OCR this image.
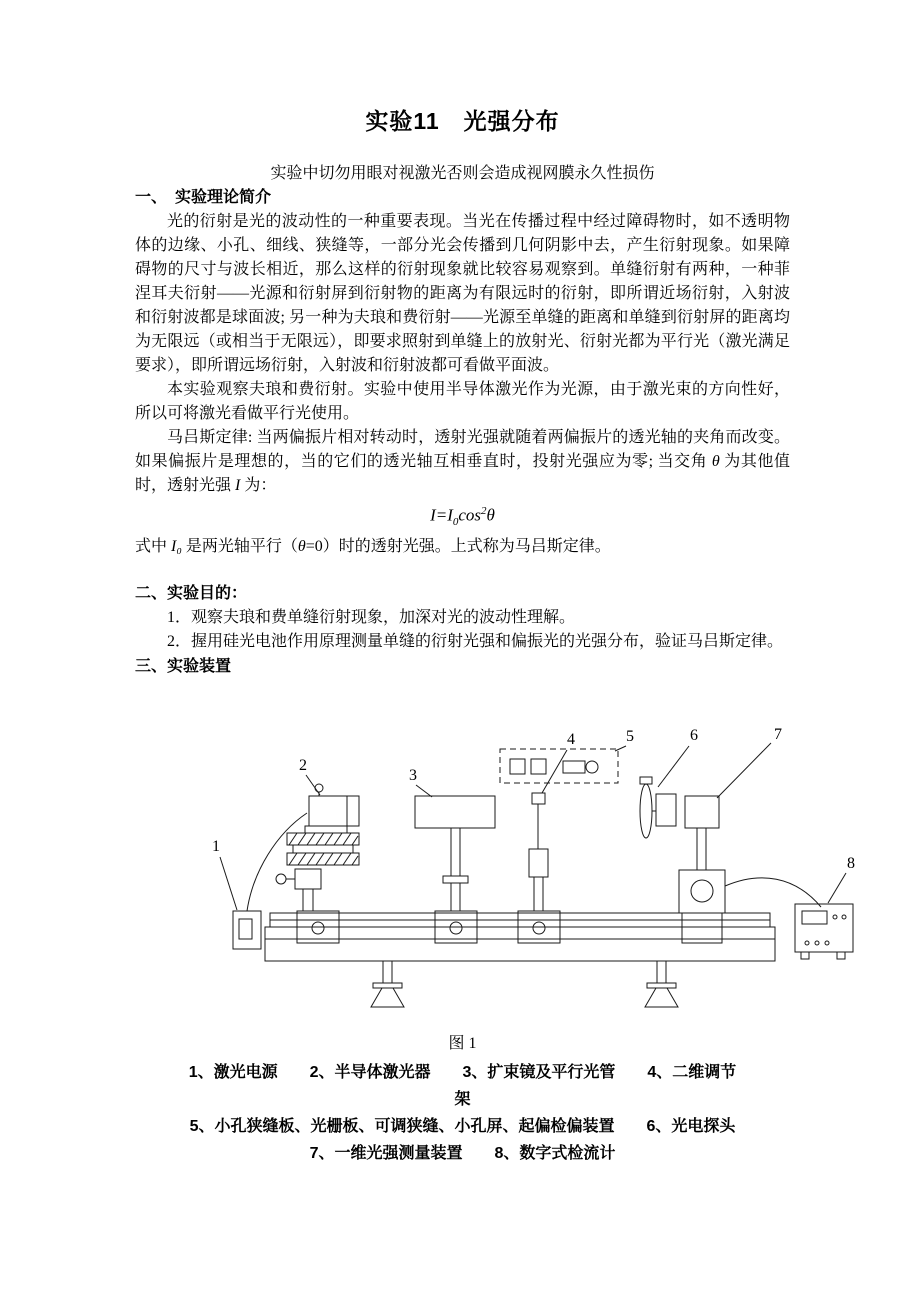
实验11　光强分布

实验中切勿用眼对视激光否则会造成视网膜永久性损伤

一、　实验理论简介

光的衍射是光的波动性的一种重要表现。当光在传播过程中经过障碍物时，如不透明物体的边缘、小孔、细线、狭缝等，一部分光会传播到几何阴影中去，产生衍射现象。如果障碍物的尺寸与波长相近，那么这样的衍射现象就比较容易观察到。单缝衍射有两种，一种菲涅耳夫衍射——光源和衍射屏到衍射物的距离为有限远时的衍射，即所谓近场衍射，入射波和衍射波都是球面波; 另一种为夫琅和费衍射——光源至单缝的距离和单缝到衍射屏的距离均为无限远（或相当于无限远），即要求照射到单缝上的放射光、衍射光都为平行光（激光满足要求），即所谓远场衍射，入射波和衍射波都可看做平面波。

本实验观察夫琅和费衍射。实验中使用半导体激光作为光源，由于激光束的方向性好，所以可将激光看做平行光使用。

马吕斯定律: 当两偏振片相对转动时，透射光强就随着两偏振片的透光轴的夹角而改变。如果偏振片是理想的，当的它们的透光轴互相垂直时，投射光强应为零; 当交角 θ 为其他值时，透射光强 I 为：

$I=I_0\cos^2\theta$

式中 I₀ 是两光轴平行（θ=0）时的透射光强。上式称为马吕斯定律。

二、实验目的：

1．观察夫琅和费单缝衍射现象，加深对光的波动性理解。

2．握用硅光电池作用原理测量单缝的衍射光强和偏振光的光强分布，验证马吕斯定律。

三、实验装置
1
2
3
4	5	6	7
8

图 1

1、激光电源　　2、半导体激光器　　3、扩束镜及平行光管　　4、二维调节

架

5、小孔狭缝板、光栅板、可调狭缝、小孔屏、起偏检偏装置　　6、光电探头

7、一维光强测量装置　　8、数字式检流计
